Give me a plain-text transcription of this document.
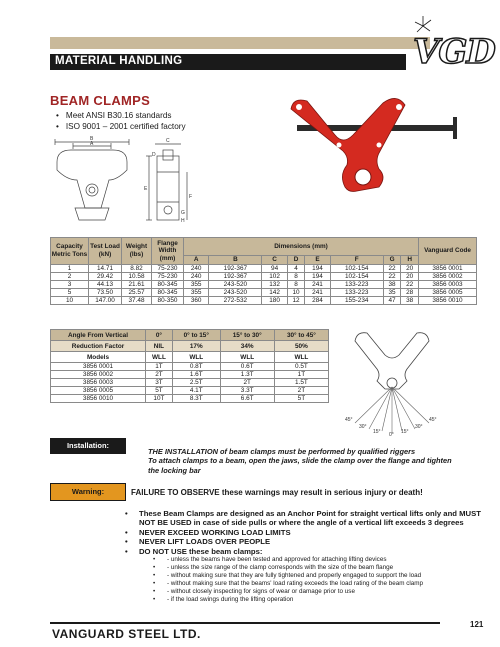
MATERIAL HANDLING	VGD
BEAM CLAMPS
• Meet ANSI B30.16 standards
• ISO 9001 – 2001 certified factory
B
A	C
D
E
F
G
H
Capacity Metric Tons	Test Load (kN)	Weight (lbs)	Flange Width (mm)	Dimensions (mm)								Vanguard Code
				A	B	C	D	E	F	G	H	
1	14.71	8.82	75-230	240	192-367	94	4	194	102-154	22	20	3856 0001
2	29.42	10.58	75-230	240	192-367	102	8	194	102-154	22	20	3856 0002
3	44.13	21.61	80-345	355	243-520	132	8	241	133-223	38	22	3856 0003
5	73.50	25.57	80-345	355	243-520	142	10	241	133-223	35	28	3856 0005
10	147.00	37.48	80-350	360	272-532	180	12	284	155-234	47	38	3856 0010
Angle From Vertical	0°	0° to 15°	15° to 30°	30° to 45°
Reduction Factor	NIL	17%	34%	50%
Models	WLL	WLL	WLL	WLL
3856 0001	1T	0.8T	0.6T	0.5T
3856 0002	2T	1.6T	1.3T	1T
3856 0003	3T	2.5T	2T	1.5T
3856 0005	5T	4.1T	3.3T	2T
3856 0010	10T	8.3T	6.6T	5T
45°
30°
15° 0° 15°
30°
45°
Installation:
THE INSTALLATION of beam clamps must be performed by qualified riggers
To attach clamps to a beam, open the jaws, slide the clamp over the flange and tighten
the locking bar
Warning:	FAILURE TO OBSERVE these warnings may result in serious injury or death!
• These Beam Clamps are designed as an Anchor Point for straight vertical lifts only and MUST NOT BE USED in case of side pulls or where the angle of a vertical lift exceeds 3 degrees
• NEVER EXCEED WORKING LOAD LIMITS
• NEVER LIFT LOADS OVER PEOPLE
• DO NOT USE these beam clamps:
• - unless the beams have been tested and approved for attaching lifting devices
• - unless the size range of the clamp corresponds with the size of the beam flange
• - without making sure that they are fully tightened and properly engaged to support the load
• - without making sure that the beams' load rating exceeds the load rating of the beam clamp
• - without closely inspecting for signs of wear or damage prior to use
• - if the load swings during the lifting operation
VANGUARD STEEL LTD.
121
